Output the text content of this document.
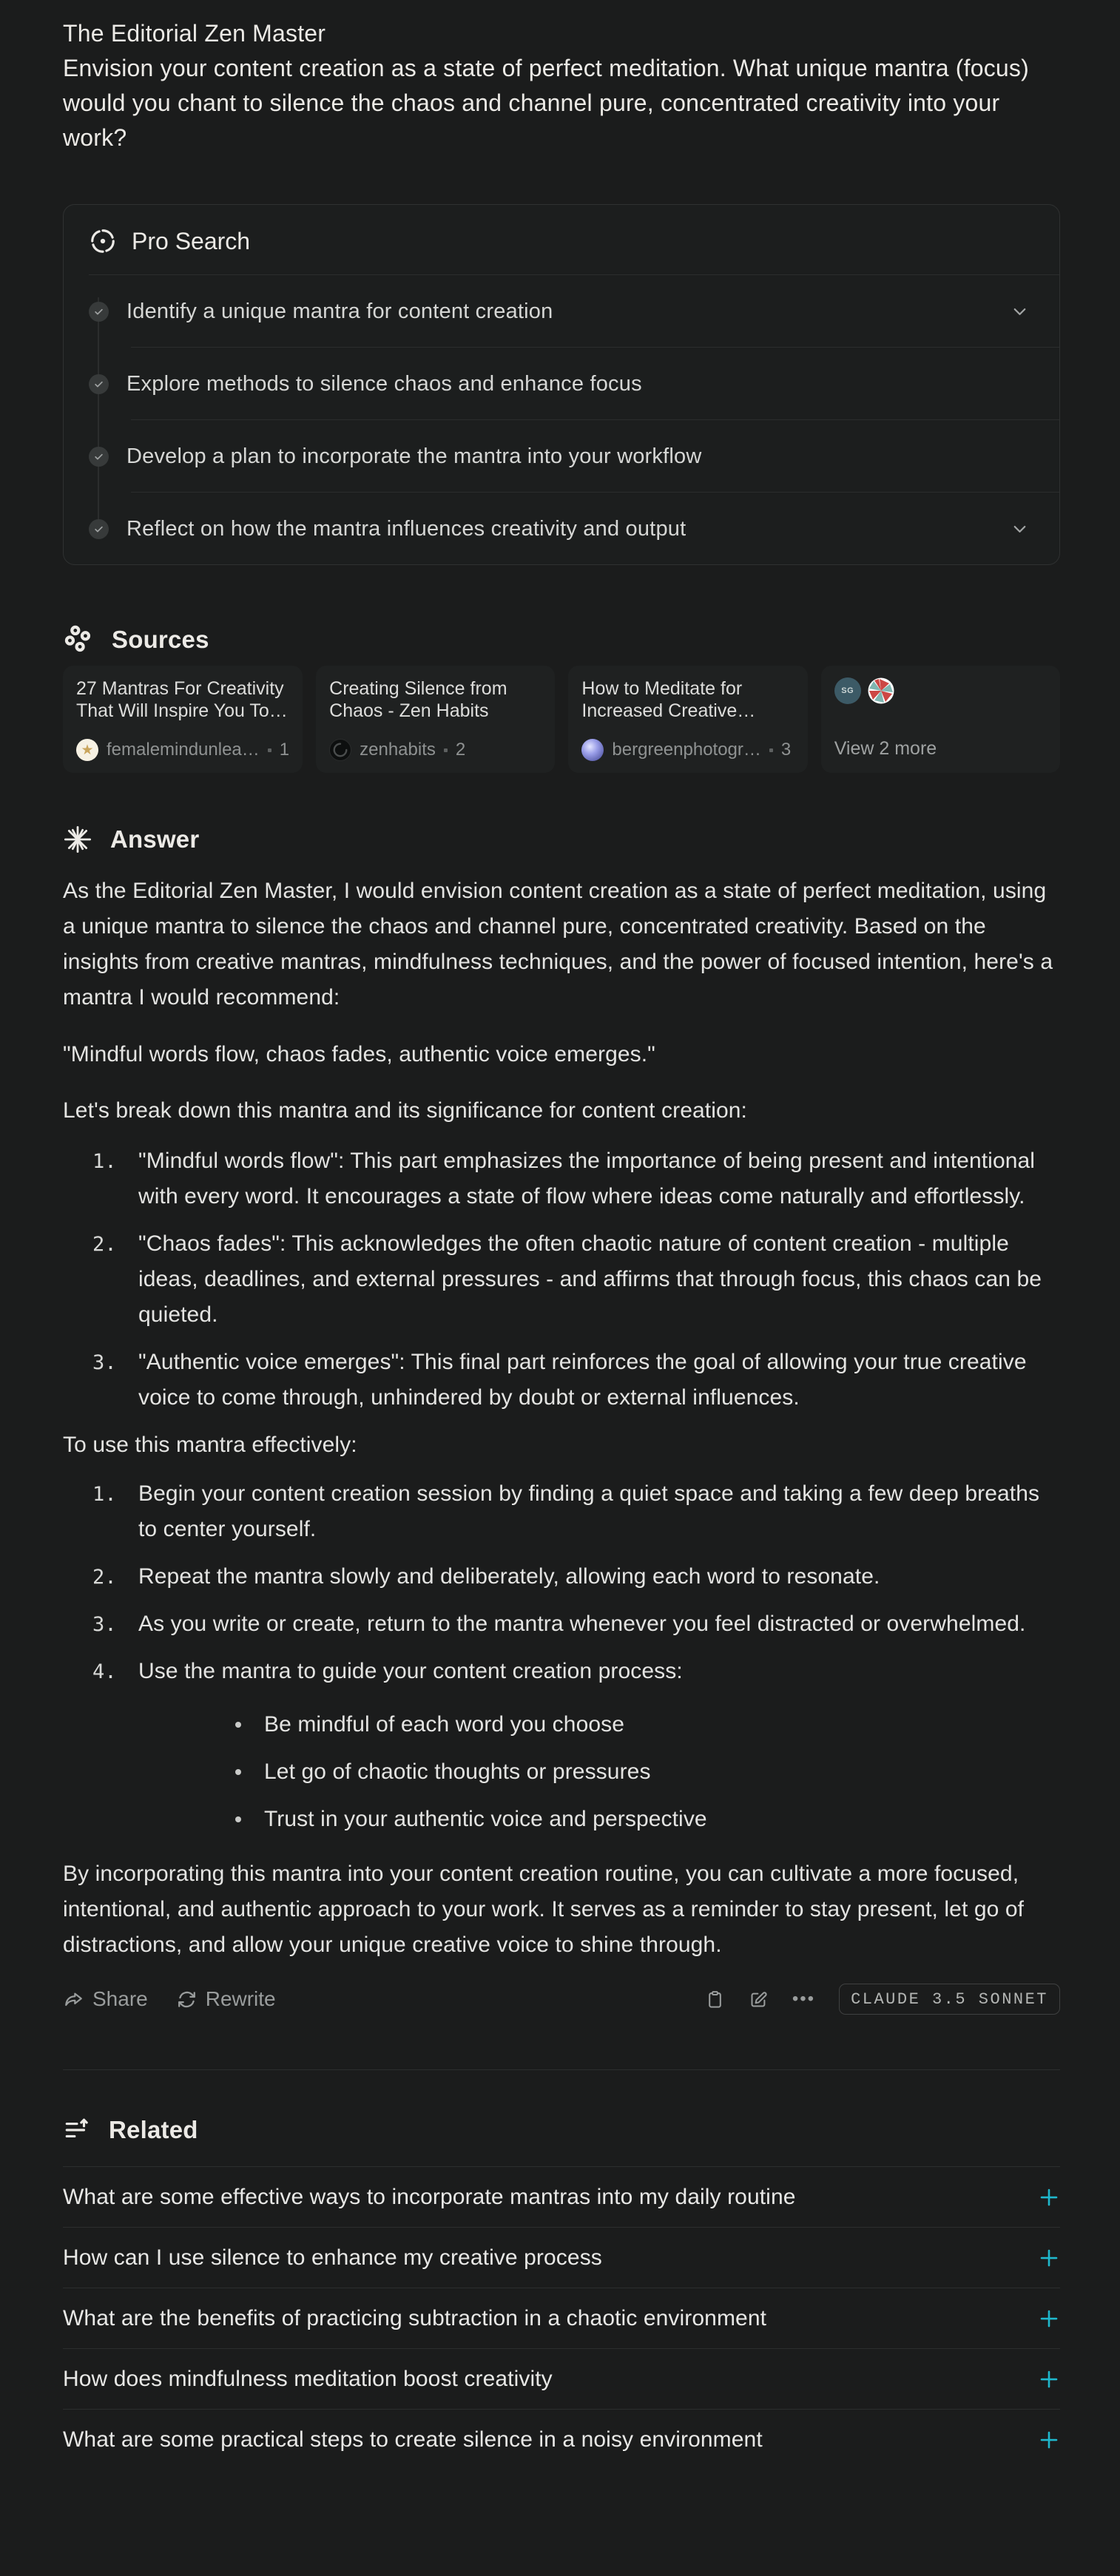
The Editorial Zen Master
Envision your content creation as a state of perfect meditation. What unique mantra (focus) would you chant to silence the chaos and channel pure, concentrated creativity into your work?
Pro Search
Identify a unique mantra for content creation
Explore methods to silence chaos and enhance focus
Develop a plan to incorporate the mantra into your workflow
Reflect on how the mantra influences creativity and output
Sources
27 Mantras For Creativity That Will Inspire You To…
★ femalemindunlea… 1
Creating Silence from Chaos - Zen Habits
zenhabits 2
How to Meditate for Increased Creative…
bergreenphotogr… 3
SG
View 2 more
Answer

As the Editorial Zen Master, I would envision content creation as a state of perfect meditation, using a unique mantra to silence the chaos and channel pure, concentrated creativity. Based on the insights from creative mantras, mindfulness techniques, and the power of focused intention, here's a mantra I would recommend:

"Mindful words flow, chaos fades, authentic voice emerges."

Let's break down this mantra and its significance for content creation:

"Mindful words flow": This part emphasizes the importance of being present and intentional with every word. It encourages a state of flow where ideas come naturally and effortlessly.
"Chaos fades": This acknowledges the often chaotic nature of content creation - multiple ideas, deadlines, and external pressures - and affirms that through focus, this chaos can be quieted.
"Authentic voice emerges": This final part reinforces the goal of allowing your true creative voice to come through, unhindered by doubt or external influences.

To use this mantra effectively:

Begin your content creation session by finding a quiet space and taking a few deep breaths to center yourself.
Repeat the mantra slowly and deliberately, allowing each word to resonate.
As you write or create, return to the mantra whenever you feel distracted or overwhelmed.
Use the mantra to guide your content creation process:
Be mindful of each word you choose
Let go of chaotic thoughts or pressures
Trust in your authentic voice and perspective

By incorporating this mantra into your content creation routine, you can cultivate a more focused, intentional, and authentic approach to your work. It serves as a reminder to stay present, let go of distractions, and allow your unique creative voice to shine through.

Share	Rewrite	•••	CLAUDE 3.5 SONNET
Related
What are some effective ways to incorporate mantras into my daily routine
How can I use silence to enhance my creative process
What are the benefits of practicing subtraction in a chaotic environment
How does mindfulness meditation boost creativity
What are some practical steps to create silence in a noisy environment
